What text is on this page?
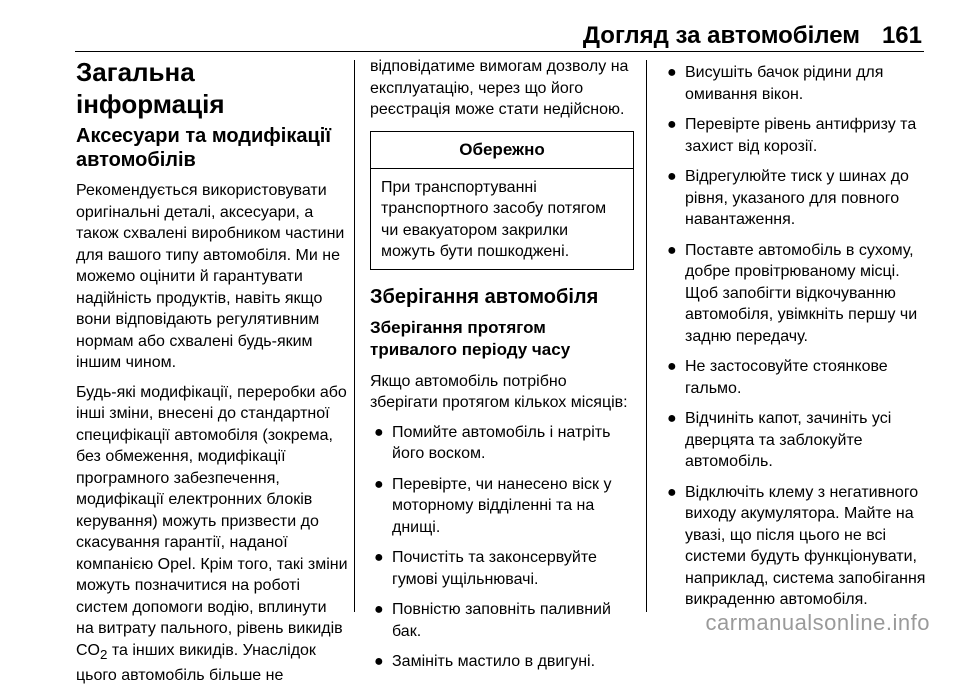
Догляд за автомобілем 161
Загальна інформація
Аксесуари та модифікації автомобілів

Рекомендується використовувати оригінальні деталі, аксесуари, а також схвалені виробником частини для вашого типу автомобіля. Ми не можемо оцінити й гарантувати надійність продуктів, навіть якщо вони відповідають регулятивним нормам або схвалені будь-яким іншим чином.

Будь-які модифікації, переробки або інші зміни, внесені до стандартної специфікації автомобіля (зокрема, без обмеження, модифікації програмного забезпечення, модифікації електронних блоків керування) можуть призвести до скасування гарантії, наданої компанією Opel. Крім того, такі зміни можуть позначитися на роботі систем допомоги водію, вплинути на витрату пального, рівень викидів $CO_2$ та інших викидів. Унаслідок цього автомобіль більше не

відповідатиме вимогам дозволу на експлуатацію, через що його реєстрація може стати недійсною.

Обережно
При транспортуванні транспортного засобу потягом чи евакуатором закрилки можуть бути пошкоджені.
Зберігання автомобіля
Зберігання протягом тривалого періоду часу

Якщо автомобіль потрібно зберігати протягом кількох місяців:

● Помийте автомобіль і натріть його воском.
● Перевірте, чи нанесено віск у моторному відділенні та на днищі.
● Почистіть та законсервуйте гумові ущільнювачі.
● Повністю заповніть паливний бак.
● Замініть мастило в двигуні.
● Висушіть бачок рідини для омивання вікон.
● Перевірте рівень антифризу та захист від корозії.
● Відрегулюйте тиск у шинах до рівня, указаного для повного навантаження.
● Поставте автомобіль в сухому, добре провітрюваному місці. Щоб запобігти відкочуванню автомобіля, увімкніть першу чи задню передачу.
● Не застосовуйте стоянкове гальмо.
● Відчиніть капот, зачиніть усі дверцята та заблокуйте автомобіль.
● Відключіть клему з негативного виходу акумулятора. Майте на увазі, що після цього не всі системи будуть функціонувати, наприклад, система запобігання викраденню автомобіля.
carmanualsonline.info
